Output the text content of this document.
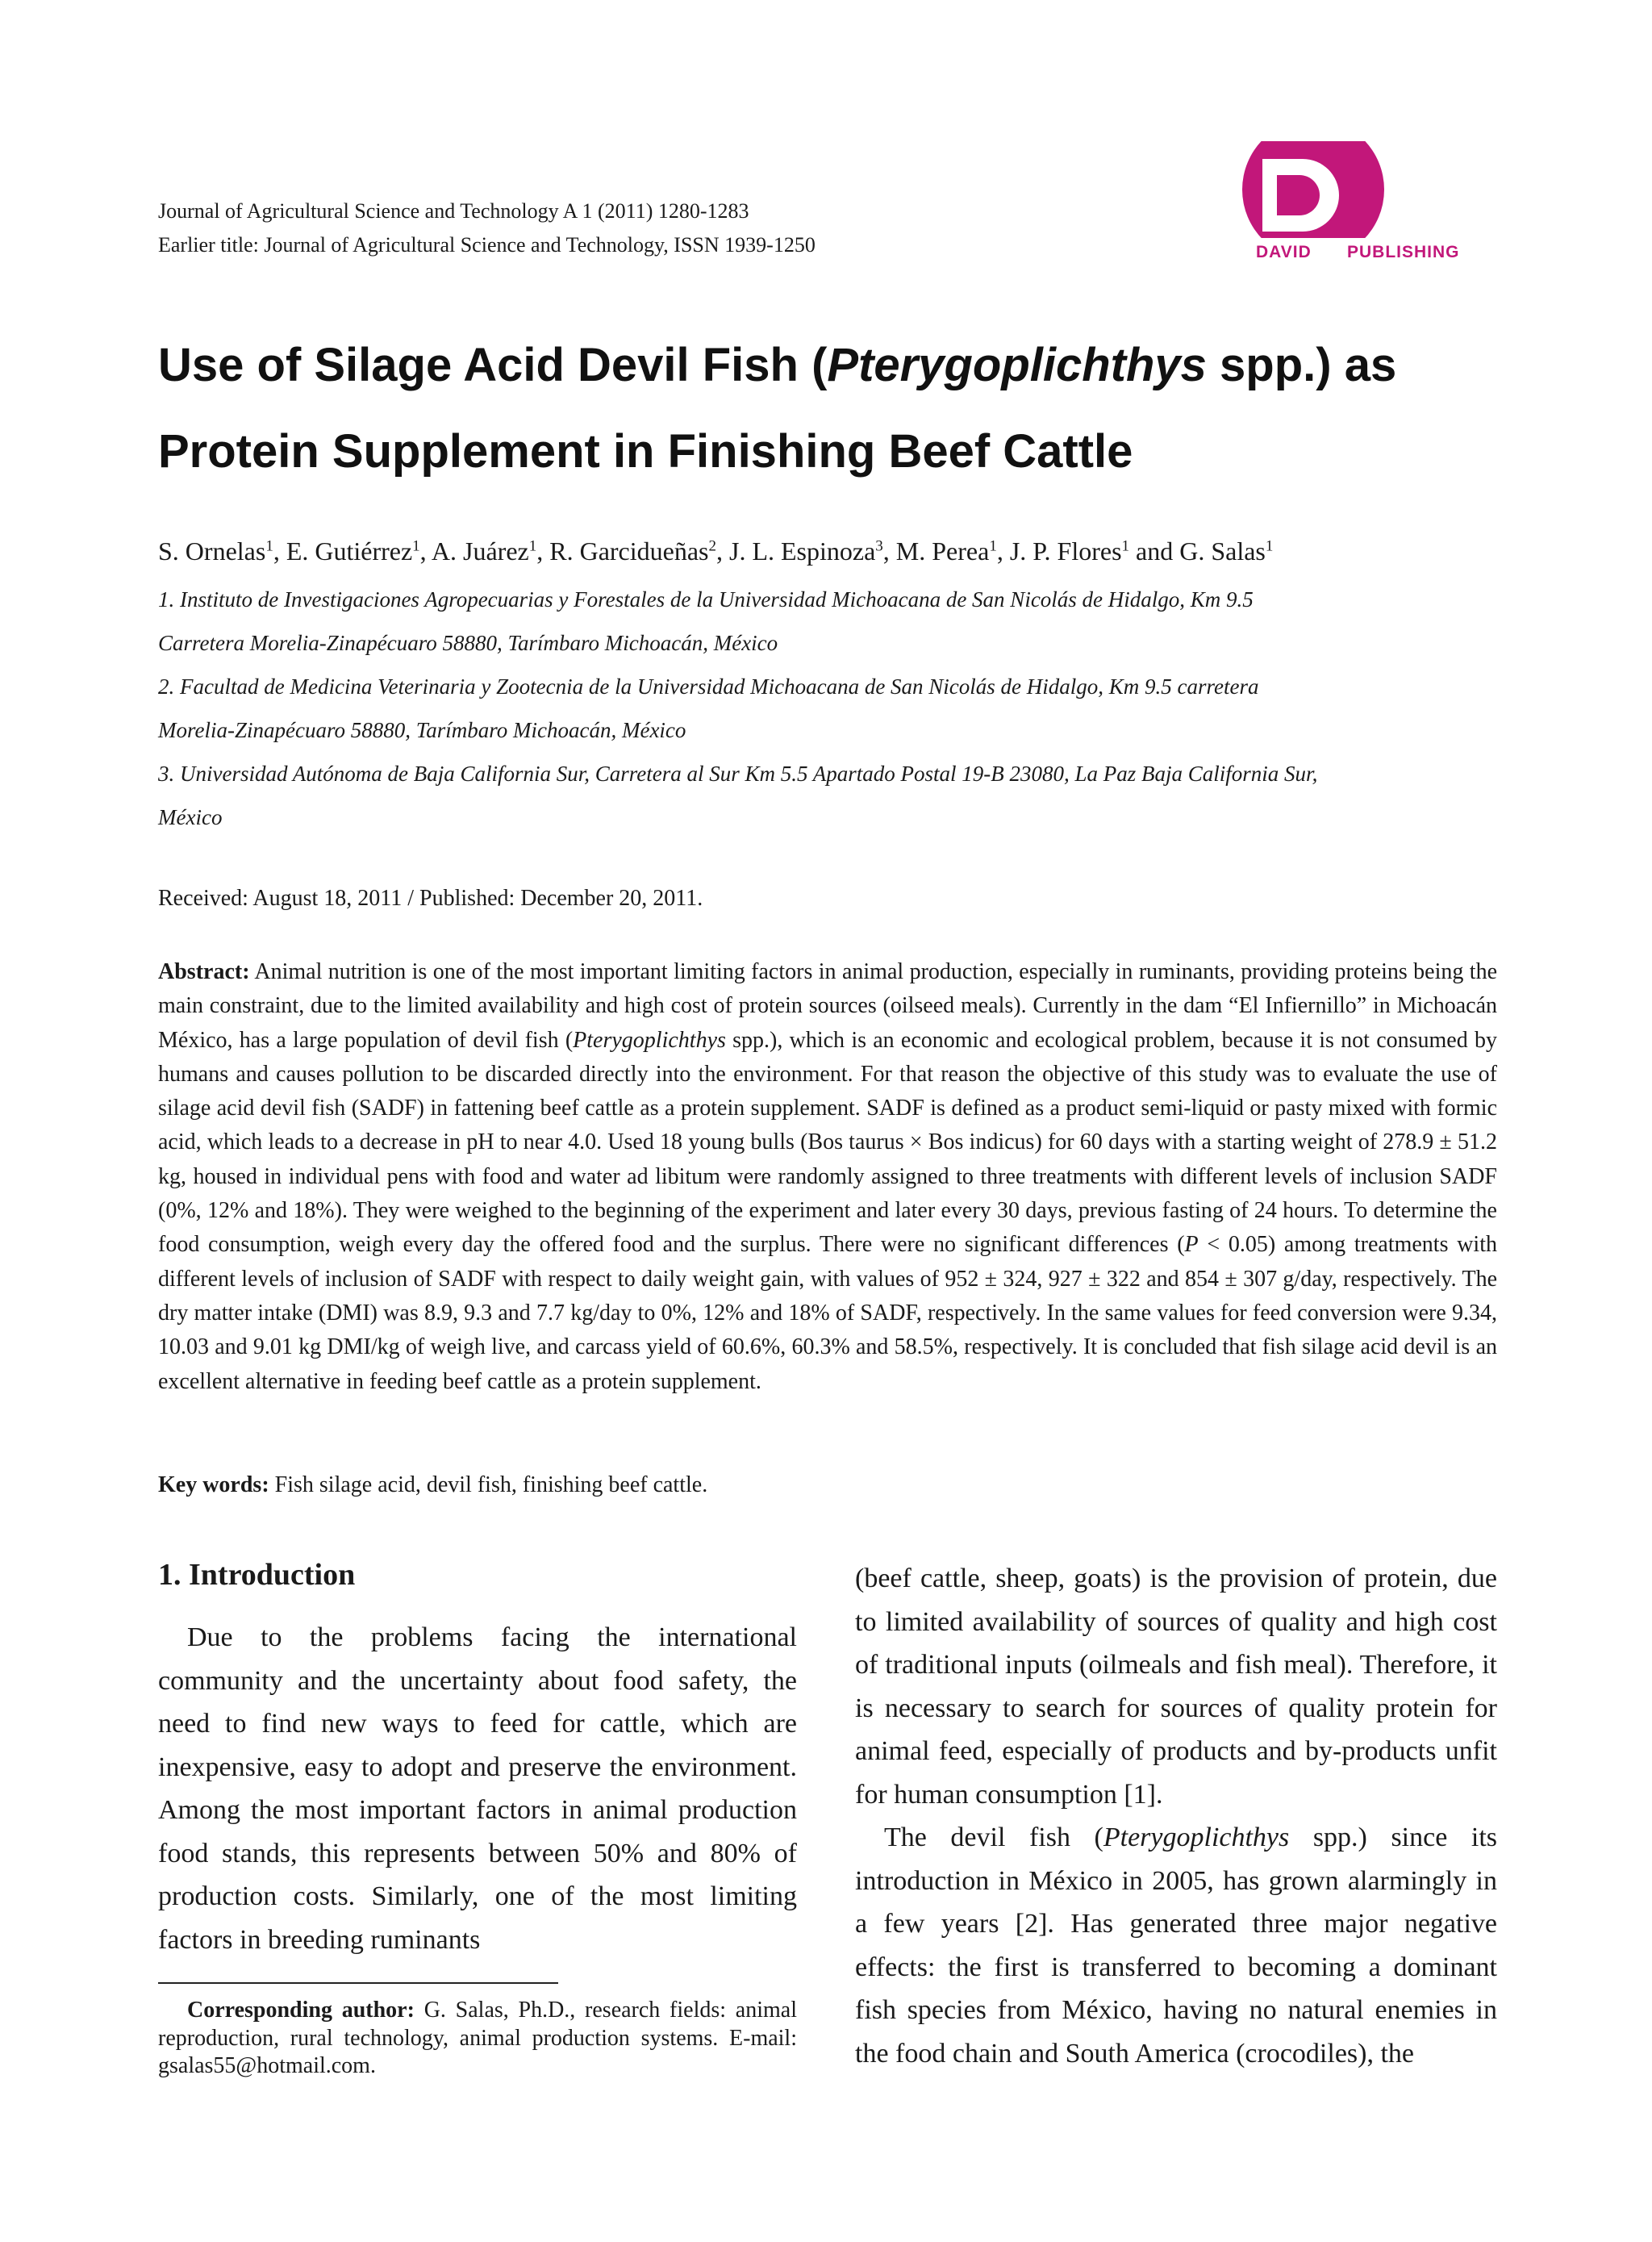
Journal of Agricultural Science and Technology A 1 (2011) 1280-1283
Earlier title: Journal of Agricultural Science and Technology, ISSN 1939-1250	DAVID PUBLISHING
Use of Silage Acid Devil Fish (Pterygoplichthys spp.) as
Protein Supplement in Finishing Beef Cattle
S. Ornelas$^1$, E. Gutiérrez$^1$, A. Juárez$^1$, R. Garcidueñas$^2$, J. L. Espinoza$^3$, M. Perea$^1$, J. P. Flores$^1$ and G. Salas$^1$
1. Instituto de Investigaciones Agropecuarias y Forestales de la Universidad Michoacana de San Nicolás de Hidalgo, Km 9.5
Carretera Morelia-Zinapécuaro 58880, Tarímbaro Michoacán, México
2. Facultad de Medicina Veterinaria y Zootecnia de la Universidad Michoacana de San Nicolás de Hidalgo, Km 9.5 carretera
Morelia-Zinapécuaro 58880, Tarímbaro Michoacán, México
3. Universidad Autónoma de Baja California Sur, Carretera al Sur Km 5.5 Apartado Postal 19-B 23080, La Paz Baja California Sur,
México
Received: August 18, 2011 / Published: December 20, 2011.
Abstract: Animal nutrition is one of the most important limiting factors in animal production, especially in ruminants, providing proteins being the main constraint, due to the limited availability and high cost of protein sources (oilseed meals). Currently in the dam “El Infiernillo” in Michoacán México, has a large population of devil fish (Pterygoplichthys spp.), which is an economic and ecological problem, because it is not consumed by humans and causes pollution to be discarded directly into the environment. For that reason the objective of this study was to evaluate the use of silage acid devil fish (SADF) in fattening beef cattle as a protein supplement. SADF is defined as a product semi-liquid or pasty mixed with formic acid, which leads to a decrease in pH to near 4.0. Used 18 young bulls (Bos taurus × Bos indicus) for 60 days with a starting weight of 278.9 ± 51.2 kg, housed in individual pens with food and water ad libitum were randomly assigned to three treatments with different levels of inclusion SADF (0%, 12% and 18%). They were weighed to the beginning of the experiment and later every 30 days, previous fasting of 24 hours. To determine the food consumption, weigh every day the offered food and the surplus. There were no significant differences (P < 0.05) among treatments with different levels of inclusion of SADF with respect to daily weight gain, with values of 952 ± 324, 927 ± 322 and 854 ± 307 g/day, respectively. The dry matter intake (DMI) was 8.9, 9.3 and 7.7 kg/day to 0%, 12% and 18% of SADF, respectively. In the same values for feed conversion were 9.34, 10.03 and 9.01 kg DMI/kg of weigh live, and carcass yield of 60.6%, 60.3% and 58.5%, respectively. It is concluded that fish silage acid devil is an excellent alternative in feeding beef cattle as a protein supplement.
Key words: Fish silage acid, devil fish, finishing beef cattle.
1. Introduction
Due to the problems facing the international community and the uncertainty about food safety, the need to find new ways to feed for cattle, which are inexpensive, easy to adopt and preserve the environment. Among the most important factors in animal production food stands, this represents between 50% and 80% of production costs. Similarly, one of the most limiting factors in breeding ruminants
(beef cattle, sheep, goats) is the provision of protein, due to limited availability of sources of quality and high cost of traditional inputs (oilmeals and fish meal). Therefore, it is necessary to search for sources of quality protein for animal feed, especially of products and by-products unfit for human consumption [1].
The devil fish (Pterygoplichthys spp.) since its introduction in México in 2005, has grown alarmingly in a few years [2]. Has generated three major negative effects: the first is transferred to becoming a dominant fish species from México, having no natural enemies in the food chain and South America (crocodiles), the
Corresponding author: G. Salas, Ph.D., research fields: animal reproduction, rural technology, animal production systems. E-mail: gsalas55@hotmail.com.
